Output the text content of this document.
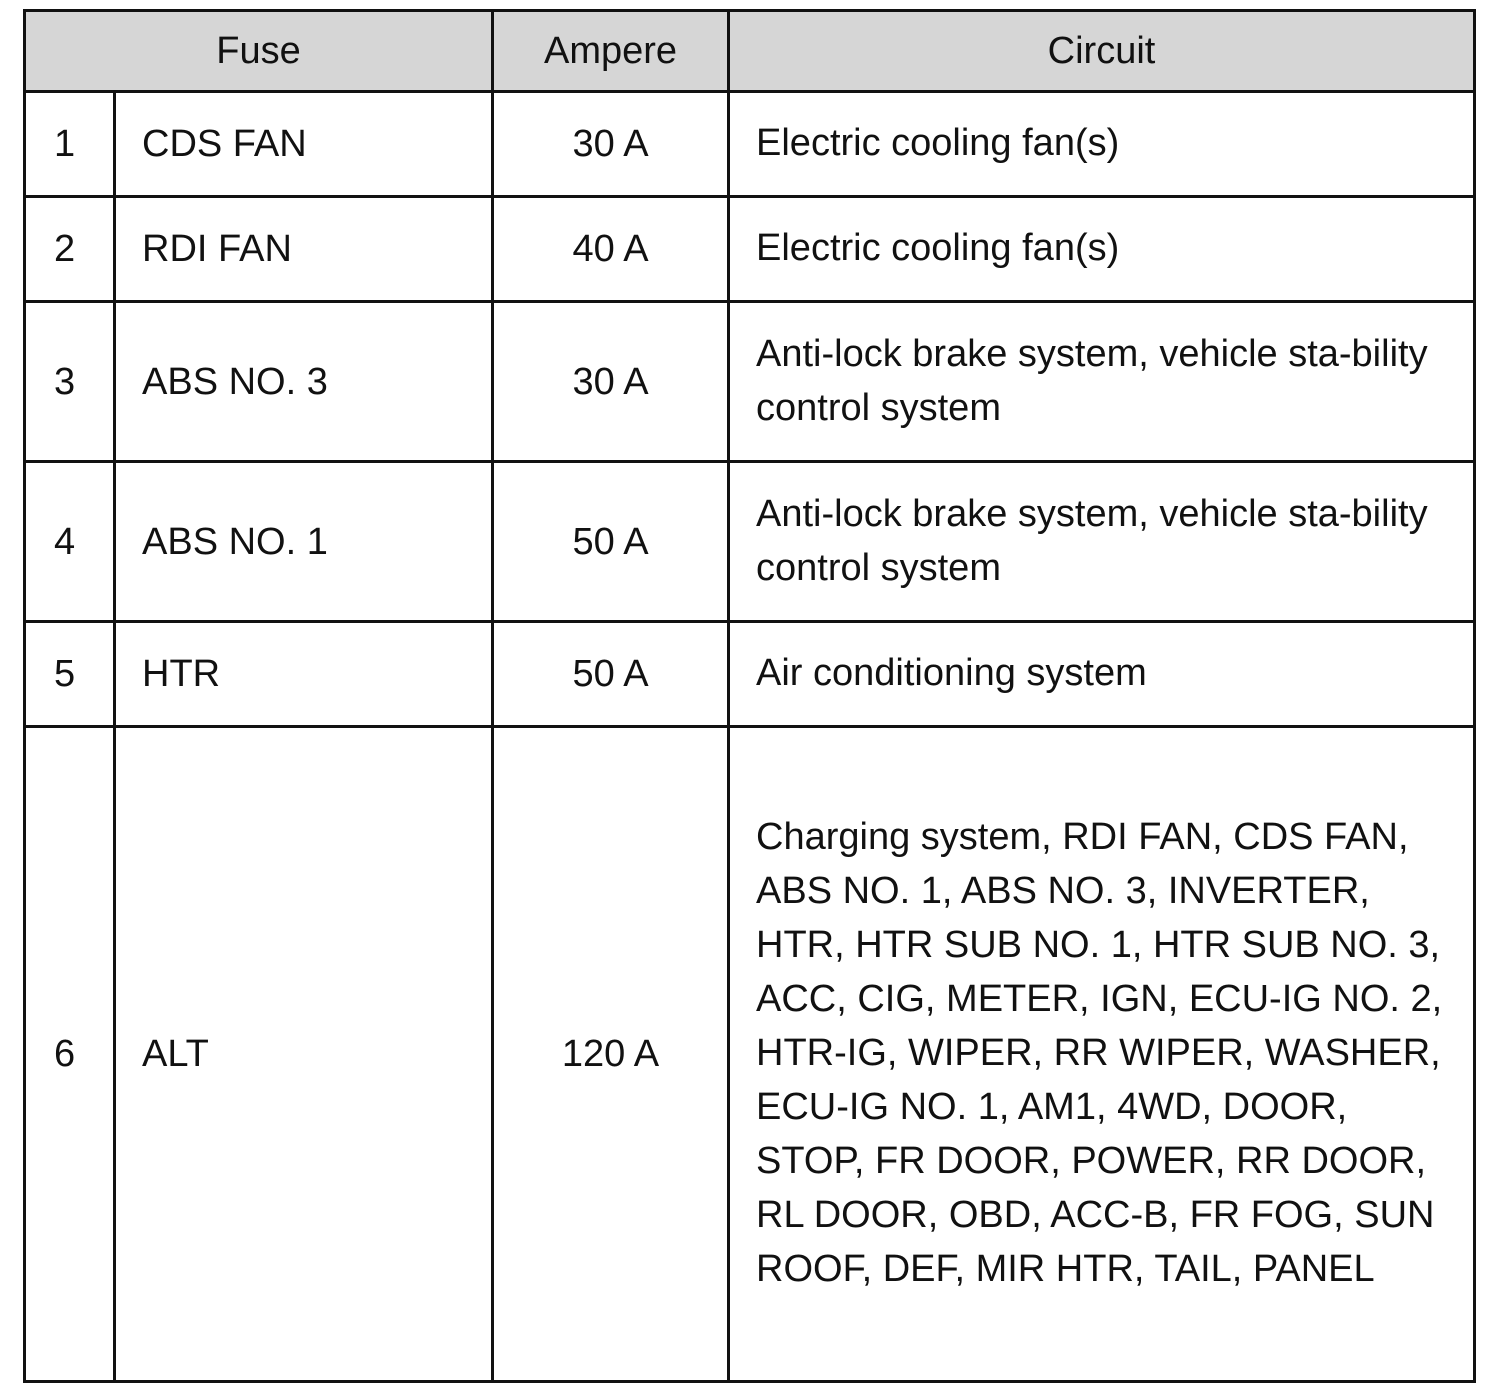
Fuse		Ampere	Circuit
1	CDS FAN	30 A	Electric cooling fan(s)
2	RDI FAN	40 A	Electric cooling fan(s)
3	ABS NO. 3	30 A	Anti-lock brake system, vehicle sta-bility control system
4	ABS NO. 1	50 A	Anti-lock brake system, vehicle sta-bility control system
5	HTR	50 A	Air conditioning system
6	ALT	120 A	Charging system, RDI FAN, CDS FAN, ABS NO. 1, ABS NO. 3, INVERTER, HTR, HTR SUB NO. 1, HTR SUB NO. 3, ACC, CIG, METER, IGN, ECU-IG NO. 2, HTR-IG, WIPER, RR WIPER, WASHER, ECU-IG NO. 1, AM1, 4WD, DOOR, STOP, FR DOOR, POWER, RR DOOR, RL DOOR, OBD, ACC-B, FR FOG, SUN ROOF, DEF, MIR HTR, TAIL, PANEL
